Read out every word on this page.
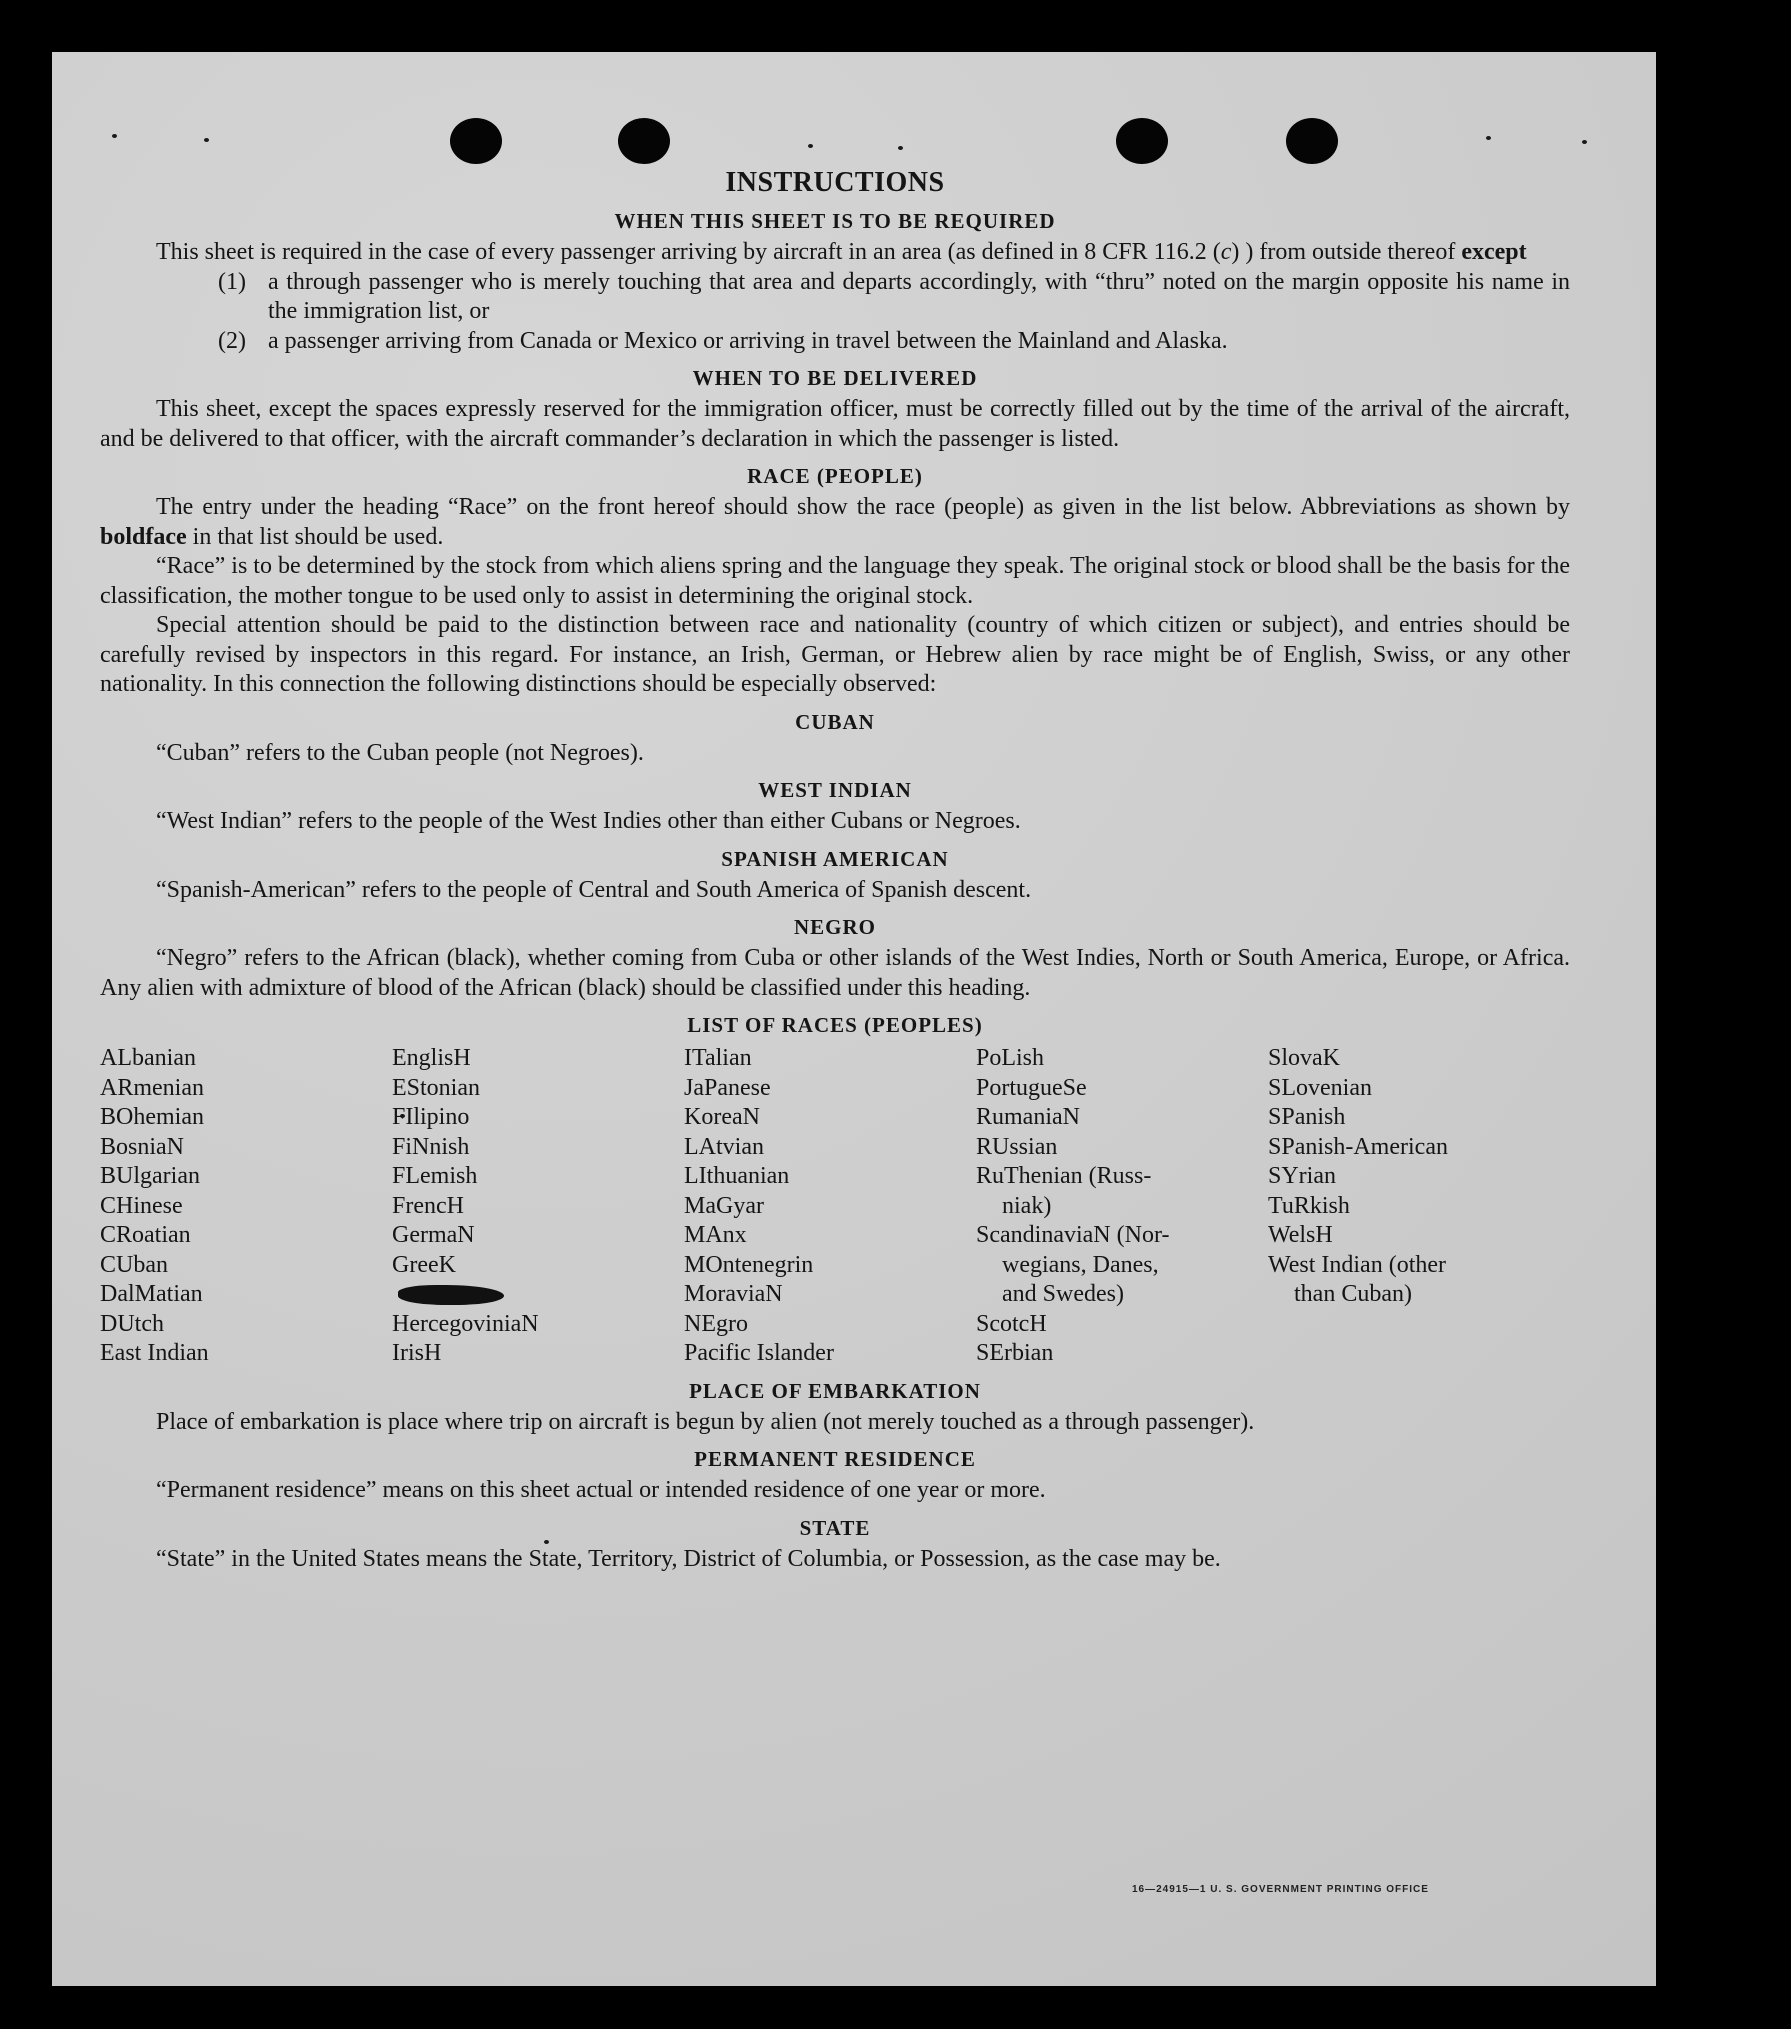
INSTRUCTIONS
WHEN THIS SHEET IS TO BE REQUIRED

This sheet is required in the case of every passenger arriving by aircraft in an area (as defined in 8 CFR 116.2 (c) ) from outside thereof except

(1) a through passenger who is merely touching that area and departs accordingly, with “thru” noted on the margin opposite his name in the immigration list, or
(2) a passenger arriving from Canada or Mexico or arriving in travel between the Mainland and Alaska.
WHEN TO BE DELIVERED

This sheet, except the spaces expressly reserved for the immigration officer, must be correctly filled out by the time of the arrival of the aircraft, and be delivered to that officer, with the aircraft commander’s declaration in which the passenger is listed.

RACE (PEOPLE)

The entry under the heading “Race” on the front hereof should show the race (people) as given in the list below. Abbreviations as shown by boldface in that list should be used.

“Race” is to be determined by the stock from which aliens spring and the language they speak. The original stock or blood shall be the basis for the classification, the mother tongue to be used only to assist in determining the original stock.

Special attention should be paid to the distinction between race and nationality (country of which citizen or subject), and entries should be carefully revised by inspectors in this regard. For instance, an Irish, German, or Hebrew alien by race might be of English, Swiss, or any other nationality. In this connection the following distinctions should be especially observed:

CUBAN

“Cuban” refers to the Cuban people (not Negroes).

WEST INDIAN

“West Indian” refers to the people of the West Indies other than either Cubans or Negroes.

SPANISH AMERICAN

“Spanish-American” refers to the people of Central and South America of Spanish descent.

NEGRO

“Negro” refers to the African (black), whether coming from Cuba or other islands of the West Indies, North or South America, Europe, or Africa. Any alien with admixture of blood of the African (black) should be classified under this heading.

LIST OF RACES (PEOPLES)
ALbanian
ARmenian
BOhemian
BosniaN
BUlgarian
CHinese
CRoatian
CUban
DalMatian
DUtch
East Indian
EnglisH
EStonian
FIlipino
FiNnish
FLemish
FrencH
GermaN
GreeK

HercegoviniaN
IrisH
ITalian
JaPanese
KoreaN
LAtvian
LIthuanian
MaGyar
MAnx
MOntenegrin
MoraviaN
NEgro
Pacific Islander
PoLish
PortugueSe
RumaniaN
RUssian
RuThenian (Russ-
niak)
ScandinaviaN (Nor-
wegians, Danes,
and Swedes)
ScotcH
SErbian
SlovaK
SLovenian
SPanish
SPanish-American
SYrian
TuRkish
WelsH
West Indian (other
than Cuban)
PLACE OF EMBARKATION

Place of embarkation is place where trip on aircraft is begun by alien (not merely touched as a through passenger).

PERMANENT RESIDENCE

“Permanent residence” means on this sheet actual or intended residence of one year or more.

STATE

“State” in the United States means the State, Territory, District of Columbia, or Possession, as the case may be.

16—24915—1 U. S. GOVERNMENT PRINTING OFFICE
